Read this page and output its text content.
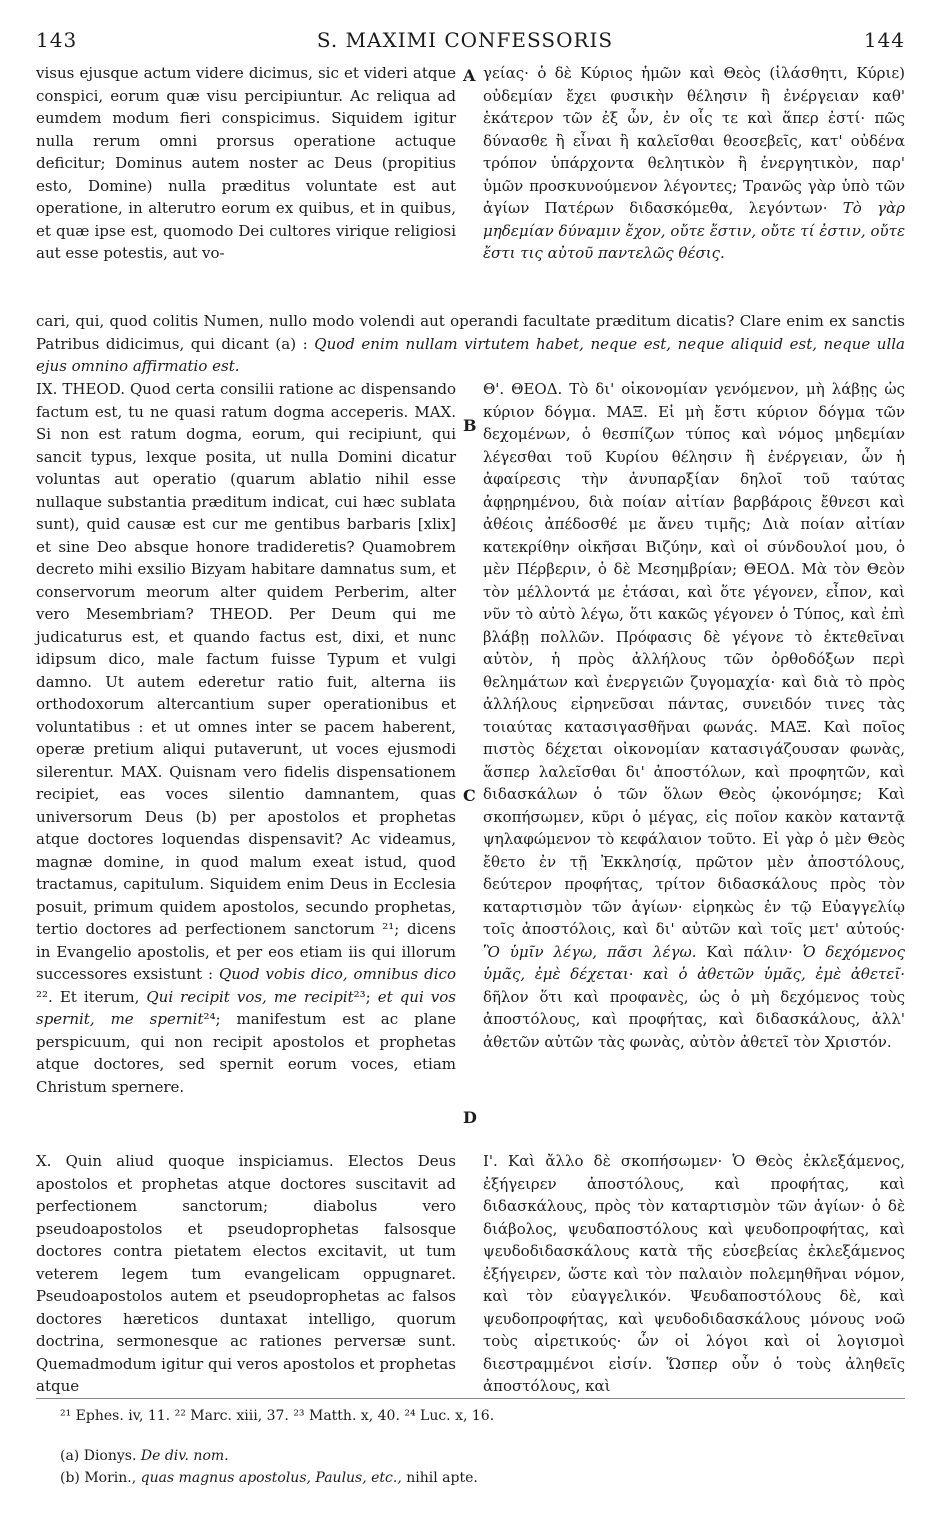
143	S. MAXIMI CONFESSORIS	144

visus ejusque actum videre dicimus, sic et videri atque conspici, eorum quæ visu percipiuntur. Ac reliqua ad eumdem modum fieri conspicimus. Siquidem igitur nulla rerum omni prorsus operatione actuque deficitur; Dominus autem noster ac Deus (propitius esto, Domine) nulla præditus voluntate est aut operatione, in alterutro eorum ex quibus, et in quibus, et quæ ipse est, quomodo Dei cultores virique religiosi aut esse potestis, aut vo-

A γείας· ὁ δὲ Κύριος ἡμῶν καὶ Θεὸς (ἱλάσθητι, Κύριε) οὐδεμίαν ἔχει φυσικὴν θέλησιν ἢ ἐνέργειαν καθ' ἑκάτερον τῶν ἐξ ὧν, ἐν οἷς τε καὶ ἅπερ ἐστί· πῶς δύνασθε ἢ εἶναι ἢ καλεῖσθαι θεοσεβεῖς, κατ' οὐδένα τρόπον ὑπάρχοντα θελητικὸν ἢ ἐνεργητικὸν, παρ' ὑμῶν προσκυνούμενον λέγοντες; Τρανῶς γὰρ ὑπὸ τῶν ἁγίων Πατέρων διδασκόμεθα, λεγόντων· Τὸ γὰρ μηδεμίαν δύναμιν ἔχον, οὔτε ἔστιν, οὔτε τί ἐστιν, οὔτε ἔστι τις αὐτοῦ παντελῶς θέσις.

cari, qui, quod colitis Numen, nullo modo volendi aut operandi facultate præditum dicatis? Clare enim ex sanctis Patribus didicimus, qui dicant (a) : Quod enim nullam virtutem habet, neque est, neque aliquid est, neque ulla ejus omnino affirmatio est.

IX. THEOD. Quod certa consilii ratione ac dispensando factum est, tu ne quasi ratum dogma acceperis. MAX. Si non est ratum dogma, eorum, qui recipiunt, qui sancit typus, lexque posita, ut nulla Domini dicatur voluntas aut operatio (quarum ablatio nihil esse nullaque substantia præditum indicat, cui hæc sublata sunt), quid causæ est cur me gentibus barbaris [xlix] et sine Deo absque honore tradideretis? Quamobrem decreto mihi exsilio Bizyam habitare damnatus sum, et conservorum meorum alter quidem Perberim, alter vero Mesembriam? THEOD. Per Deum qui me judicaturus est, et quando factus est, dixi, et nunc idipsum dico, male factum fuisse Typum et vulgi damno. Ut autem ederetur ratio fuit, alterna iis orthodoxorum altercantium super operationibus et voluntatibus : et ut omnes inter se pacem haberent, operæ pretium aliqui putaverunt, ut voces ejusmodi silerentur. MAX. Quisnam vero fidelis dispensationem recipiet, eas voces silentio damnantem, quas universorum Deus (b) per apostolos et prophetas atque doctores loquendas dispensavit? Ac videamus, magnæ domine, in quod malum exeat istud, quod tractamus, capitulum. Siquidem enim Deus in Ecclesia posuit, primum quidem apostolos, secundo prophetas, tertio doctores ad perfectionem sanctorum ²¹; dicens in Evangelio apostolis, et per eos etiam iis qui illorum successores exsistunt : Quod vobis dico, omnibus dico ²². Et iterum, Qui recipit vos, me recipit²³; et qui vos spernit, me spernit²⁴; manifestum est ac plane perspicuum, qui non recipit apostolos et prophetas atque doctores, sed spernit eorum voces, etiam Christum spernere.

B
C

Θ'. ΘΕΟΔ. Τὸ δι' οἰκονομίαν γενόμενον, μὴ λάβῃς ὡς κύριον δόγμα. ΜΑΞ. Εἰ μὴ ἔστι κύριον δόγμα τῶν δεχομένων, ὁ θεσπίζων τύπος καὶ νόμος μηδεμίαν λέγεσθαι τοῦ Κυρίου θέλησιν ἢ ἐνέργειαν, ὧν ἡ ἀφαίρεσις τὴν ἀνυπαρξίαν δηλοῖ τοῦ ταύτας ἀφῃρημένου, διὰ ποίαν αἰτίαν βαρβάροις ἔθνεσι καὶ ἀθέοις ἀπέδοσθέ με ἄνευ τιμῆς; Διὰ ποίαν αἰτίαν κατεκρίθην οἰκῆσαι Βιζύην, καὶ οἱ σύνδουλοί μου, ὁ μὲν Πέρβεριν, ὁ δὲ Μεσημβρίαν; ΘΕΟΔ. Μὰ τὸν Θεὸν τὸν μέλλοντά με ἐτάσαι, καὶ ὅτε γέγονεν, εἶπον, καὶ νῦν τὸ αὐτὸ λέγω, ὅτι κακῶς γέγονεν ὁ Τύπος, καὶ ἐπὶ βλάβῃ πολλῶν. Πρόφασις δὲ γέγονε τὸ ἐκτεθεῖναι αὐτὸν, ἡ πρὸς ἀλλήλους τῶν ὀρθοδόξων περὶ θελημάτων καὶ ἐνεργειῶν ζυγομαχία· καὶ διὰ τὸ πρὸς ἀλλήλους εἰρηνεῦσαι πάντας, συνειδόν τινες τὰς τοιαύτας κατασιγασθῆναι φωνάς. ΜΑΞ. Καὶ ποῖος πιστὸς δέχεται οἰκονομίαν κατασιγάζουσαν φωνὰς, ἅσπερ λαλεῖσθαι δι' ἀποστόλων, καὶ προφητῶν, καὶ διδασκάλων ὁ τῶν ὅλων Θεὸς ᾠκονόμησε; Καὶ σκοπήσωμεν, κῦρι ὁ μέγας, εἰς ποῖον κακὸν καταντᾷ ψηλαφώμενον τὸ κεφάλαιον τοῦτο. Εἰ γὰρ ὁ μὲν Θεὸς ἔθετο ἐν τῇ Ἐκκλησίᾳ, πρῶτον μὲν ἀποστόλους, δεύτερον προφήτας, τρίτον διδασκάλους πρὸς τὸν καταρτισμὸν τῶν ἁγίων· εἰρηκὼς ἐν τῷ Εὐαγγελίῳ τοῖς ἀποστόλοις, καὶ δι' αὐτῶν καὶ τοῖς μετ' αὐτούς· Ὃ ὑμῖν λέγω, πᾶσι λέγω. Καὶ πάλιν· Ὁ δεχόμενος ὑμᾶς, ἐμὲ δέχεται· καὶ ὁ ἀθετῶν ὑμᾶς, ἐμὲ ἀθετεῖ· δῆλον ὅτι καὶ προφανὲς, ὡς ὁ μὴ δεχόμενος τοὺς ἀποστόλους, καὶ προφήτας, καὶ διδασκάλους, ἀλλ' ἀθετῶν αὐτῶν τὰς φωνὰς, αὐτὸν ἀθετεῖ τὸν Χριστόν.

D

X. Quin aliud quoque inspiciamus. Electos Deus apostolos et prophetas atque doctores suscitavit ad perfectionem sanctorum; diabolus vero pseudoapostolos et pseudoprophetas falsosque doctores contra pietatem electos excitavit, ut tum veterem legem tum evangelicam oppugnaret. Pseudoapostolos autem et pseudoprophetas ac falsos doctores hæreticos duntaxat intelligo, quorum doctrina, sermonesque ac rationes perversæ sunt. Quemadmodum igitur qui veros apostolos et prophetas atque

Ι'. Καὶ ἄλλο δὲ σκοπήσωμεν· Ὁ Θεὸς ἐκλεξάμενος, ἐξήγειρεν ἀποστόλους, καὶ προφήτας, καὶ διδασκάλους, πρὸς τὸν καταρτισμὸν τῶν ἁγίων· ὁ δὲ διάβολος, ψευδαποστόλους καὶ ψευδοπροφήτας, καὶ ψευδοδιδασκάλους κατὰ τῆς εὐσεβείας ἐκλεξάμενος ἐξήγειρεν, ὥστε καὶ τὸν παλαιὸν πολεμηθῆναι νόμον, καὶ τὸν εὐαγγελικόν. Ψευδαποστόλους δὲ, καὶ ψευδοπροφήτας, καὶ ψευδοδιδασκάλους μόνους νοῶ τοὺς αἱρετικούς· ὧν οἱ λόγοι καὶ οἱ λογισμοὶ διεστραμμένοι εἰσίν. Ὥσπερ οὖν ὁ τοὺς ἀληθεῖς ἀποστόλους, καὶ

²¹ Ephes. iv, 11. ²² Marc. xiii, 37. ²³ Matth. x, 40. ²⁴ Luc. x, 16.
(a) Dionys. De div. nom.
(b) Morin., quas magnus apostolus, Paulus, etc., nihil apte.
